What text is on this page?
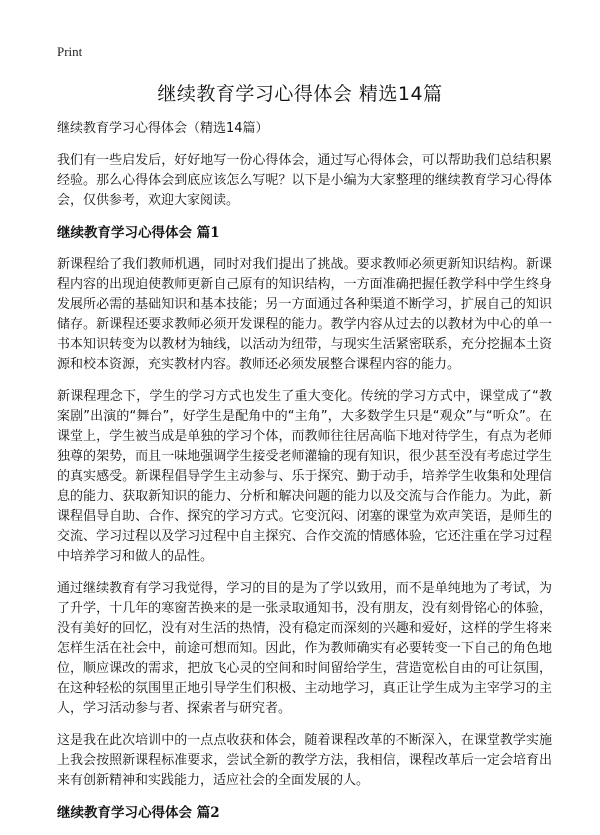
Print
继续教育学习心得体会 精选14篇
继续教育学习心得体会（精选14篇）

我们有一些启发后，好好地写一份心得体会，通过写心得体会，可以帮助我们总结积累经验。那么心得体会到底应该怎么写呢？以下是小编为大家整理的继续教育学习心得体会，仅供参考，欢迎大家阅读。

继续教育学习心得体会 篇1

新课程给了我们教师机遇，同时对我们提出了挑战。要求教师必须更新知识结构。新课程内容的出现迫使教师更新自己原有的知识结构，一方面准确把握任教学科中学生终身发展所必需的基础知识和基本技能；另一方面通过各种渠道不断学习，扩展自己的知识储存。新课程还要求教师必须开发课程的能力。教学内容从过去的以教材为中心的单一书本知识转变为以教材为轴线，以活动为纽带，与现实生活紧密联系，充分挖掘本土资源和校本资源，充实教材内容。教师还必须发展整合课程内容的能力。

新课程理念下，学生的学习方式也发生了重大变化。传统的学习方式中，课堂成了“教案剧”出演的“舞台”，好学生是配角中的“主角”，大多数学生只是“观众”与“听众”。在课堂上，学生被当成是单独的学习个体，而教师往往居高临下地对待学生，有点为老师独尊的架势，而且一味地强调学生接受老师灌输的现有知识，很少甚至没有考虑过学生的真实感受。新课程倡导学生主动参与、乐于探究、勤于动手，培养学生收集和处理信息的能力、获取新知识的能力、分析和解决问题的能力以及交流与合作能力。为此，新课程倡导自助、合作、探究的学习方式。它变沉闷、闭塞的课堂为欢声笑语，是师生的交流、学习过程以及学习过程中自主探究、合作交流的情感体验，它还注重在学习过程中培养学习和做人的品性。

通过继续教育有学习我觉得，学习的目的是为了学以致用，而不是单纯地为了考试，为了升学，十几年的寒窗苦换来的是一张录取通知书，没有朋友，没有刻骨铭心的体验，没有美好的回忆，没有对生活的热情，没有稳定而深刻的兴趣和爱好，这样的学生将来怎样生活在社会中，前途可想而知。因此，作为教师确实有必要转变一下自己的角色地位，顺应课改的需求，把放飞心灵的空间和时间留给学生，营造宽松自由的可让氛围，在这种轻松的氛围里正地引导学生们积极、主动地学习，真正让学生成为主宰学习的主人，学习活动参与者、探索者与研究者。

这是我在此次培训中的一点点收获和体会，随着课程改革的不断深入，在课堂教学实施上我会按照新课程标准要求，尝试全新的教学方法，我相信，课程改革后一定会培育出来有创新精神和实践能力，适应社会的全面发展的人。

继续教育学习心得体会 篇2
